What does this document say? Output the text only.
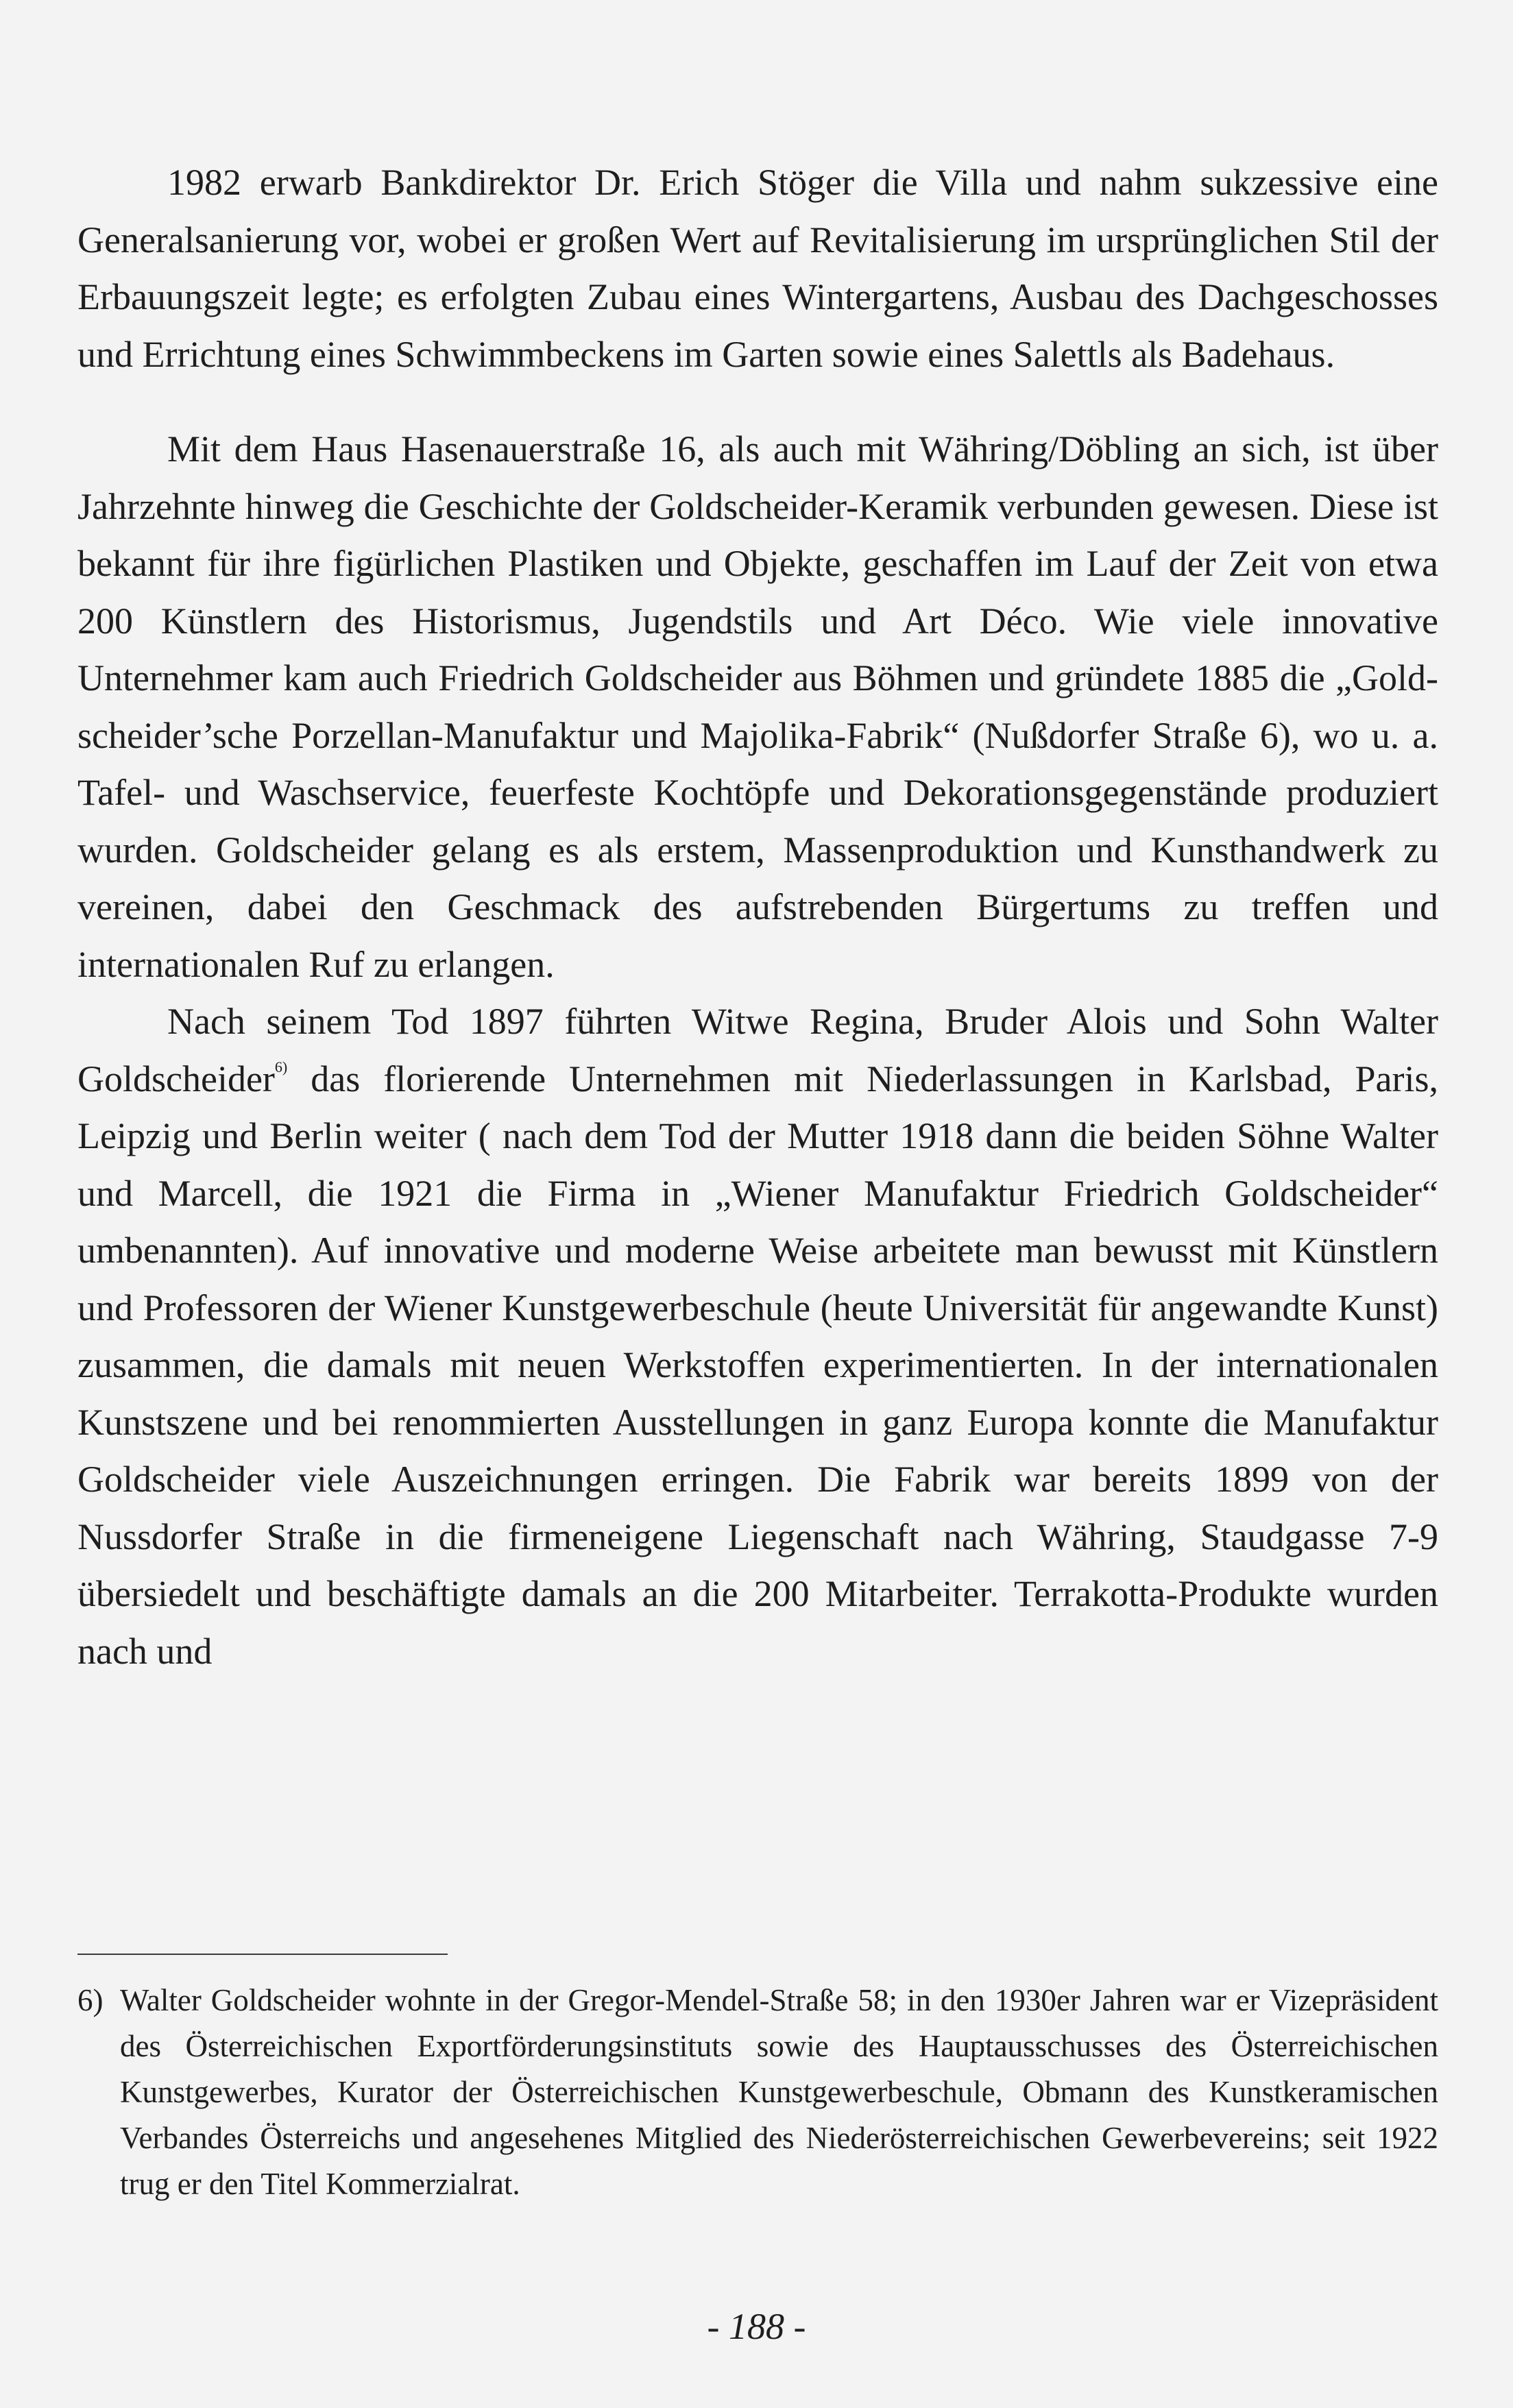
1982 erwarb Bankdirektor Dr. Erich Stöger die Villa und nahm sukzessive eine Generalsanierung vor, wobei er großen Wert auf Revitalisierung im ursprünglichen Stil der Erbauungszeit legte; es erfolgten Zubau eines Wintergartens, Ausbau des Dachgeschosses und Errichtung eines Schwimmbeckens im Garten sowie eines Salettls als Badehaus.

Mit dem Haus Hasenauerstraße 16, als auch mit Währing/Döbling an sich, ist über Jahrzehnte hinweg die Geschichte der Goldscheider-Keramik verbunden gewesen. Diese ist bekannt für ihre figürlichen Plastiken und Objekte, geschaffen im Lauf der Zeit von etwa 200 Künstlern des Historismus, Jugendstils und Art Déco. Wie viele innovative Unternehmer kam auch Friedrich Goldscheider aus Böhmen und gründete 1885 die „Goldscheider’sche Porzellan-Manufaktur und Majolika-Fabrik“ (Nußdorfer Straße 6), wo u. a. Tafel- und Waschservice, feuerfeste Kochtöpfe und Dekorationsgegenstände produziert wurden. Goldscheider gelang es als erstem, Massenproduktion und Kunsthandwerk zu vereinen, dabei den Geschmack des aufstrebenden Bürgertums zu treffen und internationalen Ruf zu erlangen.

Nach seinem Tod 1897 führten Witwe Regina, Bruder Alois und Sohn Walter Goldscheider$^{6)}$ das florierende Unternehmen mit Niederlassungen in Karlsbad, Paris, Leipzig und Berlin weiter ( nach dem Tod der Mutter 1918 dann die beiden Söhne Walter und Marcell, die 1921 die Firma in „Wiener Manufaktur Friedrich Goldscheider“ umbenannten). Auf innovative und moderne Weise arbeitete man bewusst mit Künstlern und Professoren der Wiener Kunstgewerbeschule (heute Universität für angewandte Kunst) zusammen, die damals mit neuen Werkstoffen experimentierten. In der internationalen Kunstszene und bei renommierten Ausstellungen in ganz Europa konnte die Manufaktur Goldscheider viele Auszeichnungen erringen. Die Fabrik war bereits 1899 von der Nussdorfer Straße in die firmeneigene Liegenschaft nach Währing, Staudgasse 7-9 übersiedelt und beschäftigte damals an die 200 Mitarbeiter. Terrakotta-Produkte wurden nach und

6) Walter Goldscheider wohnte in der Gregor-Mendel-Straße 58; in den 1930er Jahren war er Vizepräsident des Österreichischen Exportförderungsinstituts sowie des Hauptausschusses des Österreichischen Kunstgewerbes, Kurator der Österreichischen Kunstgewerbeschule, Obmann des Kunstkeramischen Verbandes Österreichs und angesehenes Mitglied des Niederösterreichischen Gewerbevereins; seit 1922 trug er den Titel Kommerzialrat.
- 188 -
